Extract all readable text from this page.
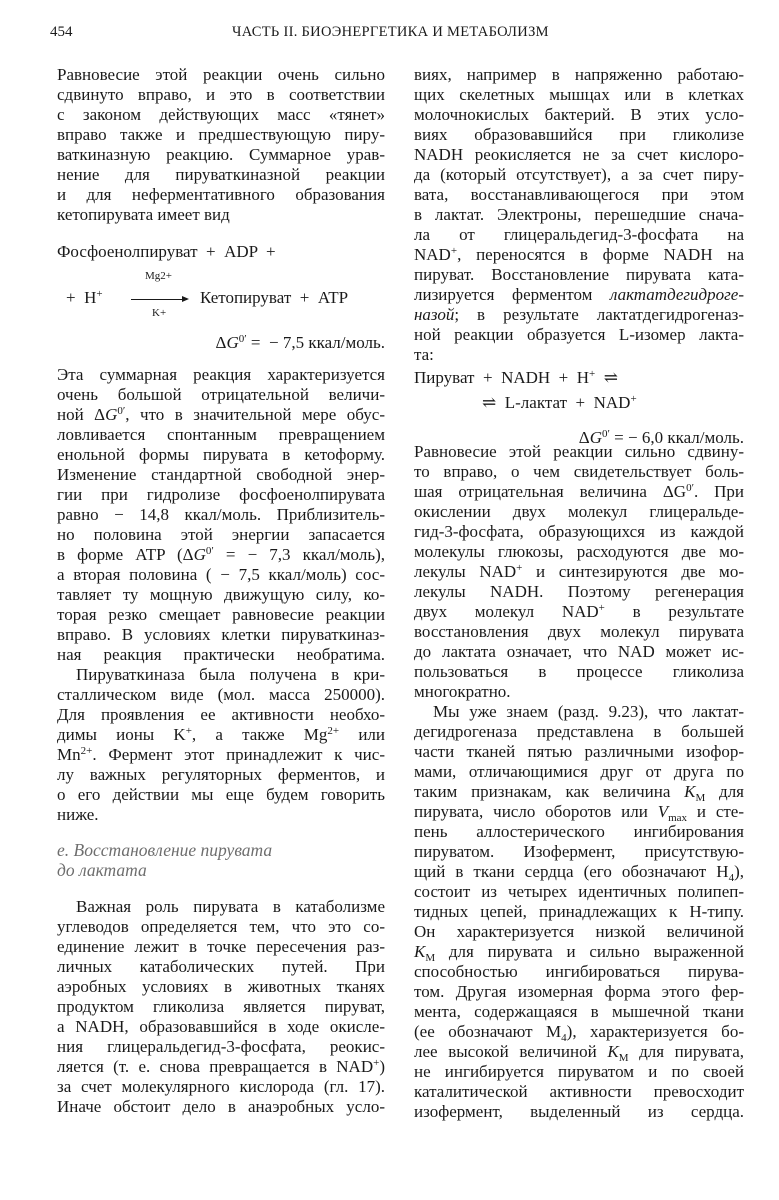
454	ЧАСТЬ II. БИОЭНЕРГЕТИКА И МЕТАБОЛИЗМ
Равновесие этой реакции очень сильно
сдвинуто вправо, и это в соответствии
с законом действующих масс «тянет»
вправо также и предшествующую пиру-
ваткиназную реакцию. Суммарное урав-
нение для пируваткиназной реакции
и для неферментативного образования
кетопирувата имеет вид
Эта суммарная реакция характеризуется
очень большой отрицательной величи-
ной $\Delta G^{0'}$, что в значительной мере обус-
ловливается спонтанным превращением
енольной формы пирувата в кетоформу.
Изменение стандартной свободной энер-
гии при гидролизе фосфоенолпирувата
равно − 14,8 ккал/моль. Приблизитель-
но половина этой энергии запасается
в форме ATP ($\Delta G^{0'}$ = − 7,3 ккал/моль),
а вторая половина ( − 7,5 ккал/моль) сос-
тавляет ту мощную движущую силу, ко-
торая резко смещает равновесие реакции
вправо. В условиях клетки пируваткиназ-
ная реакция практически необратима.
Пируваткиназа была получена в кри-
сталлическом виде (мол. масса 250000).
Для проявления ее активности необхо-
димы ионы K+, а также $Mg^{2+}$ или
$Mn^{2+}$. Фермент этот принадлежит к чис-
лу важных регуляторных ферментов, и
о его действии мы еще будем говорить
ниже.
е. Восстановление пирувата
до лактата
Важная роль пирувата в катаболизме
углеводов определяется тем, что это со-
единение лежит в точке пересечения раз-
личных катаболических путей. При
аэробных условиях в животных тканях
продуктом гликолиза является пируват,
а NADH, образовавшийся в ходе окисле-
ния глицеральдегид-3-фосфата, реокис-
ляется (т. е. снова превращается в NAD+)
за счет молекулярного кислорода (гл. 17).
Иначе обстоит дело в анаэробных усло-
виях, например в напряженно работаю-
щих скелетных мышцах или в клетках
молочнокислых бактерий. В этих усло-
виях образовавшийся при гликолизе
NADH реокисляется не за счет кислоро-
да (который отсутствует), а за счет пиру-
вата, восстанавливающегося при этом
в лактат. Электроны, перешедшие снача-
ла от глицеральдегид-3-фосфата на
NAD+, переносятся в форме NADH на
пируват. Восстановление пирувата ката-
лизируется ферментом лактатдегидроге-
назой; в результате лактатдегидрогеназ-
ной реакции образуется L-изомер лакта-
та:
Равновесие этой реакции сильно сдвину-
то вправо, о чем свидетельствует боль-
шая отрицательная величина $\Delta G^{0'}$. При
окислении двух молекул глицеральде-
гид-3-фосфата, образующихся из каждой
молекулы глюкозы, расходуются две мо-
лекулы NAD+ и синтезируются две мо-
лекулы NADH. Поэтому регенерация
двух молекул NAD+ в результате
восстановления двух молекул пирувата
до лактата означает, что NAD может ис-
пользоваться в процессе гликолиза
многократно.
Мы уже знаем (разд. 9.23), что лактат-
дегидрогеназа представлена в большей
части тканей пятью различными изофор-
мами, отличающимися друг от друга по
таким признакам, как величина $K_M$ для
пирувата, число оборотов или $V_{max}$ и сте-
пень аллостерического ингибирования
пируватом. Изофермент, присутствую-
щий в ткани сердца (его обозначают $H_4$),
состоит из четырех идентичных полипеп-
тидных цепей, принадлежащих к H-типу.
Он характеризуется низкой величиной
$K_M$ для пирувата и сильно выраженной
способностью ингибироваться пирува-
том. Другая изомерная форма этого фер-
мента, содержащаяся в мышечной ткани
(ее обозначают $M_4$), характеризуется бо-
лее высокой величиной $K_M$ для пирувата,
не ингибируется пируватом и по своей
каталитической активности превосходит
изофермент, выделенный из сердца.
Фосфоенолпируват  +  ADP  +
+  H+
Mg2+
K+
Кетопируват  +  ATP
$\Delta G^{0'}$ =  − 7,5 ккал/моль.
Пируват  +  NADH  +  H+  ⇌
⇌  L-лактат  +  NAD+
$\Delta G^{0'}$ = − 6,0 ккал/моль.
